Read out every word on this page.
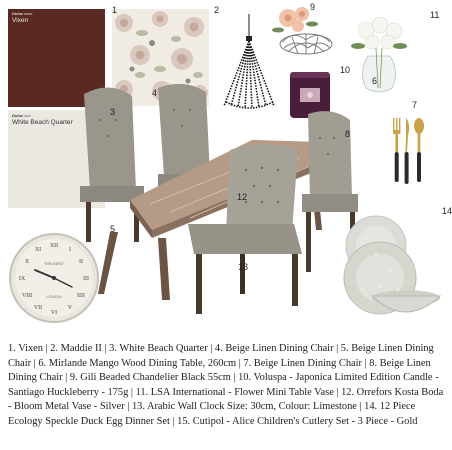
Dulux 00000
Vixen
Dulux 0000
White Beach Quarter
XII
I
II
III
IIII
V
VI
VII
VIII
IX
X
XI
THE KENT
LONDON
1	2
3
4
5
6
7
8
9
10
11
12
13
14

1. Vixen | 2. Maddie II | 3. White Beach Quarter | 4. Beige Linen Dining Chair | 5. Beige Linen Dining Chair | 6. Mirlande Mango Wood Dining Table, 260cm | 7. Beige Linen Dining Chair | 8. Beige Linen Dining Chair | 9. Gili Beaded Chandelier Black 55cm | 10. Voluspa - Japonica Limited Edition Candle - Santiago Huckleberry - 175g | 11. LSA International - Flower Mini Table Vase | 12. Orrefors Kosta Boda - Bloom Metal Vase - Silver | 13. Arabic Wall Clock Size: 30cm, Colour: Limestone | 14. 12 Piece Ecology Speckle Duck Egg Dinner Set | 15. Cutipol - Alice Children's Cutlery Set - 3 Piece - Gold
